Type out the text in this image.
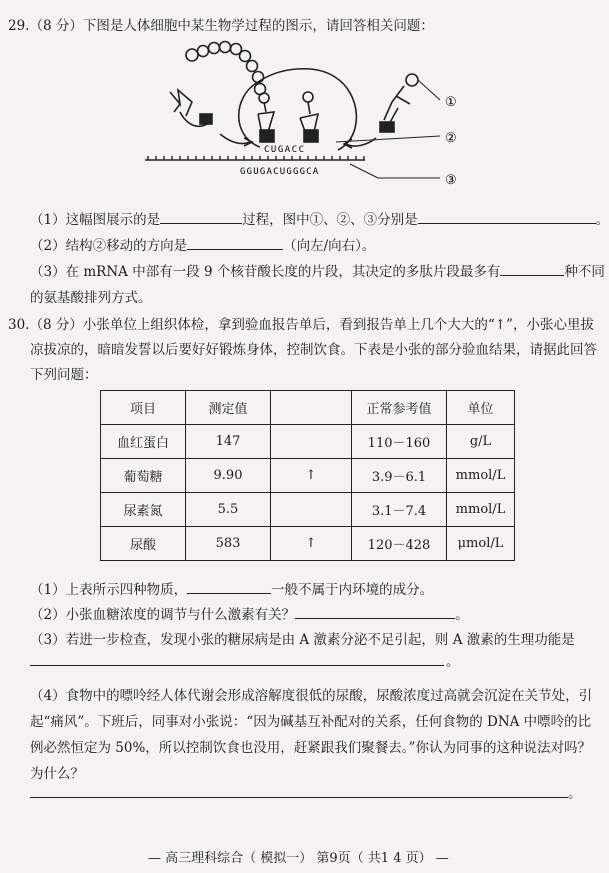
29.（8 分）下图是人体细胞中某生物学过程的图示，请回答相关问题：
①
②
③
CUGACC
GGUGACUGGGCA
（1）这幅图展示的是	过程，图中①、②、③分别是	。
（2）结构②移动的方向是	（向左/向右）。
（3）在 mRNA 中部有一段 9 个核苷酸长度的片段，其决定的多肽片段最多有	种不同
的氨基酸排列方式。
30.（8 分）小张单位上组织体检，拿到验血报告单后，看到报告单上几个大大的“↑”，小张心里拔
凉拔凉的，暗暗发誓以后要好好锻炼身体，控制饮食。下表是小张的部分验血结果，请据此回答
下列问题：
项目	测定值		正常参考值	单位
血红蛋白	147		110－160	g/L
葡萄糖	9.90	↑	3.9－6.1	mmol/L
尿素氮	5.5		3.1－7.4	mmol/L
尿酸	583	↑	120－428	μmol/L
（1）上表所示四种物质，	一般不属于内环境的成分。
（2）小张血糖浓度的调节与什么激素有关？	。
（3）若进一步检查，发现小张的糖尿病是由 A 激素分泌不足引起，则 A 激素的生理功能是
。
（4）食物中的嘌呤经人体代谢会形成溶解度很低的尿酸，尿酸浓度过高就会沉淀在关节处，引
起“痛风”。下班后，同事对小张说：“因为碱基互补配对的关系，任何食物的 DNA 中嘌呤的比
例必然恒定为 50%，所以控制饮食也没用，赶紧跟我们聚餐去。”你认为同事的这种说法对吗？
为什么？
。
— 高三理科综合（ 模拟一） 第9页（ 共1 4 页） —
